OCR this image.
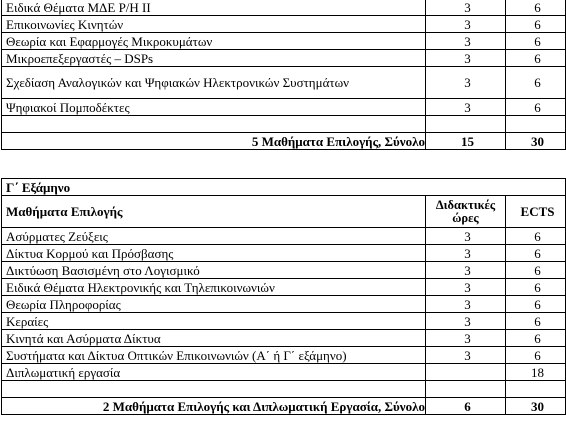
Ειδικά Θέματα ΜΔΕ Ρ/Η ΙΙ	3	6
Επικοινωνίες Κινητών	3	6
Θεωρία και Εφαρμογές Μικροκυμάτων	3	6
Μικροεπεξεργαστές – DSPs	3	6
Σχεδίαση Αναλογικών και Ψηφιακών Ηλεκτρονικών Συστημάτων	3	6
Ψηφιακοί Πομποδέκτες	3	6

5 Μαθήματα Επιλογής, Σύνολο	15	30
Γ΄ Εξάμηνο		
Μαθήματα Επιλογής	Διδακτικές ώρες	ECTS
Ασύρματες Ζεύξεις	3	6
Δίκτυα Κορμού και Πρόσβασης	3	6
Δικτύωση Βασισμένη στο Λογισμικό	3	6
Ειδικά Θέματα Ηλεκτρονικής και Τηλεπικοινωνιών	3	6
Θεωρία Πληροφορίας	3	6
Κεραίες	3	6
Κινητά και Ασύρματα Δίκτυα	3	6
Συστήματα και Δίκτυα Οπτικών Επικοινωνιών (Α΄ ή Γ΄ εξάμηνο)	3	6
Διπλωματική εργασία		18

2 Μαθήματα Επιλογής και Διπλωματική Εργασία, Σύνολο	6	30
